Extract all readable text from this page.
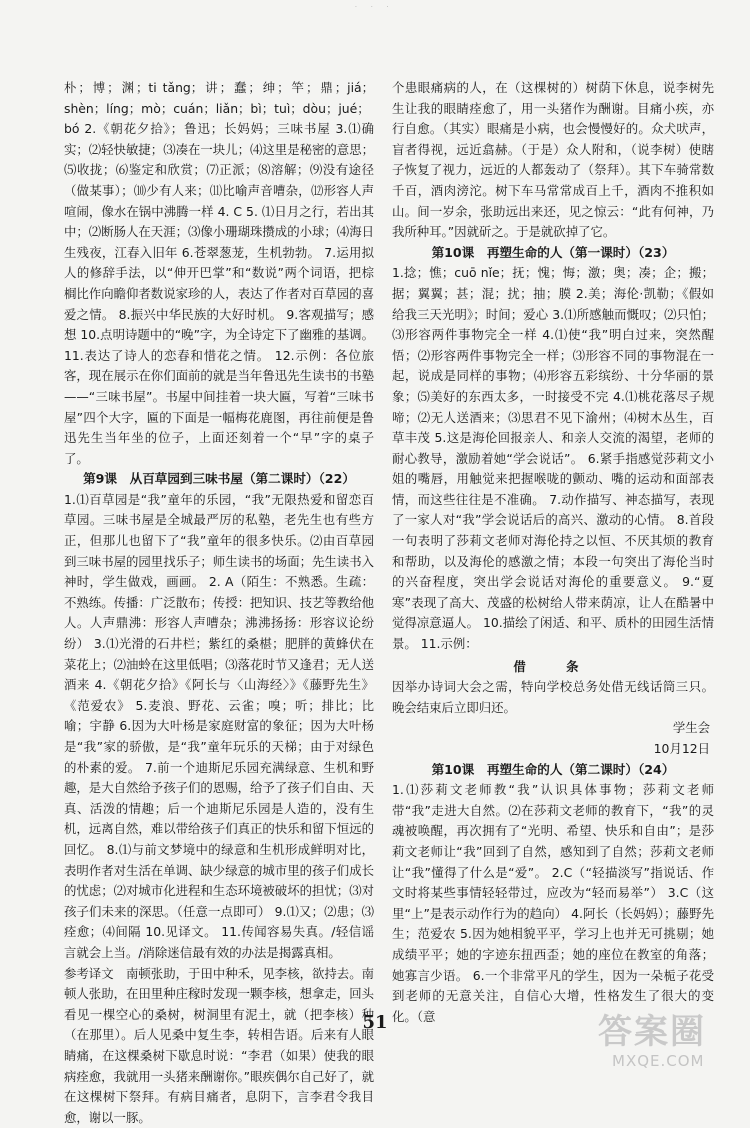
· · ·

朴；博；渊；ti tǎng；讲；蠢；绅；竿；鼎；jiá；shèn；líng；mò；cuán；liǎn；bì；tuì；dòu；jué；bó 2.《朝花夕拾》；鲁迅；长妈妈；三味书屋 3.⑴确实；⑵轻快敏捷；⑶凑在一块儿；⑷这里是秘密的意思；⑸收拢；⑹鉴定和欣赏；⑺正派；⑻溶解；⑼没有途径（做某事）；⑽少有人来；⑾比喻声音嘈杂，⑿形容人声喧闹，像水在锅中沸腾一样 4. C 5. ⑴日月之行，若出其中；⑵断肠人在天涯；⑶像小珊瑚珠攒成的小球；⑷海日生残夜，江春入旧年 6.苍翠葱茏，生机勃勃。 7.运用拟人的修辞手法，以“伸开巴掌”和“数说”两个词语，把棕榈比作向瞻仰者数说家珍的人，表达了作者对百草园的喜爱之情。 8.振兴中华民族的大好时机。 9.客观描写；感想 10.点明诗题中的“晚”字，为全诗定下了幽雅的基调。 11.表达了诗人的恋春和惜花之情。 12.示例：各位旅客，现在展示在你们面前的就是当年鲁迅先生读书的书塾——“三味书屋”。书屋中间挂着一块大匾，写着“三味书屋”四个大字，匾的下面是一幅梅花鹿图，再往前便是鲁迅先生当年坐的位子，上面还刻着一个“早”字的桌子了。

第9课　从百草园到三味书屋（第二课时）（22）

1.⑴百草园是“我”童年的乐园，“我”无限热爱和留恋百草园。三味书屋是全城最严厉的私塾，老先生也有些方正，但那儿也留下了“我”童年的很多快乐。⑵由百草园到三味书屋的园里找乐子；师生读书的场面；先生读书入神时，学生做戏，画画。 2. A（陌生：不熟悉。生疏：不熟练。传播：广泛散布；传授：把知识、技艺等教给他人。人声鼎沸：形容人声嘈杂；沸沸扬扬：形容议论纷纷） 3.⑴光滑的石井栏；紫红的桑椹；肥胖的黄蜂伏在菜花上；⑵油蛉在这里低唱；⑶落花时节又逢君；无人送酒来 4.《朝花夕拾》《阿长与〈山海经〉》《藤野先生》《范爱农》 5.麦浪、野花、云雀；嗅；听；排比；比喻；宇静 6.因为大叶杨是家庭财富的象征；因为大叶杨是“我”家的骄傲，是“我”童年玩乐的天梯；由于对绿色的朴素的爱。 7.前一个迪斯尼乐园充满绿意、生机和野趣，是大自然给予孩子们的恩赐，给予了孩子们自由、天真、活泼的情趣；后一个迪斯尼乐园是人造的，没有生机，远离自然，难以带给孩子们真正的快乐和留下恒远的回忆。 8.⑴与前文梦境中的绿意和生机形成鲜明对比，表明作者对生活在单调、缺少绿意的城市里的孩子们成长的忧虑；⑵对城市化进程和生态环境被破坏的担忧；⑶对孩子们未来的深思。（任意一点即可） 9.⑴又；⑵患；⑶痊愈；⑷间隔 10.见译文。 11.传闻容易失真。/轻信谣言就会上当。/消除迷信最有效的办法是揭露真相。

参考译文　南顿张助，于田中种禾，见李核，欲持去。南顿人张助，在田里种庄稼时发现一颗李核，想拿走，回头看见一棵空心的桑树，树洞里有泥土，就（把李核）种（在那里）。后人见桑中复生李，转相告语。后来有人眼睛痛，在这棵桑树下歇息时说：“李君（如果）使我的眼病痊愈，我就用一头猪来酬谢你。”眼疾偶尔自己好了，就在这棵树下祭拜。有病目痛者，息阴下，言李君令我目愈，谢以一豚。

个患眼痛病的人，在（这棵树的）树荫下休息，说李树先生让我的眼睛痊愈了，用一头猪作为酬谢。目痛小疾，亦行自愈。（其实）眼痛是小病，也会慢慢好的。众犬吠声，盲者得视，远近翕赫。（于是）众人附和，（说李树）使瞎子恢复了视力，远近的人都轰动了（祭拜）。其下车骑常数千百，酒肉滂沱。树下车马常常成百上千，酒肉不推积如山。间一岁余，张助远出来还，见之惊云：“此有何神，乃我所种耳。”因就斫之。于是就砍掉了它。

第10课　再塑生命的人（第一课时）（23）

1.捻；憔；cuō nǐe；抚；愧；悔；激；奥；凑；企；搬；据；翼翼；甚；混；扰；抽；膜 2.美；海伦·凯勒；《假如给我三天光明》；时间；爱心 3.⑴所感触而慨叹；⑵只怕；⑶形容两件事物完全一样 4.⑴使“我”明白过来，突然醒悟；⑵形容两件事物完全一样；⑶形容不同的事物混在一起，说成是同样的事物；⑷形容五彩缤纷、十分华丽的景象；⑸美好的东西太多，一时接受不完 4.⑴桃花落尽子规啼；⑵无人送酒来；⑶思君不见下渝州；⑷树木丛生，百草丰茂 5.这是海伦回报亲人、和亲人交流的渴望，老师的耐心教导，激励着她“学会说话”。 6.紧手指感觉莎莉文小姐的嘴唇，用触觉来把握喉咙的颤动、嘴的运动和面部表情，而这些往往是不准确。 7.动作描写、神态描写，表现了一家人对“我”学会说话后的高兴、激动的心情。 8.首段一句表明了莎莉文老师对海伦持之以恒、不厌其烦的教育和帮助，以及海伦的感激之情；本段一句突出了海伦当时的兴奋程度，突出学会说话对海伦的重要意义。 9.“夏寒”表现了高大、茂盛的松树给人带来荫凉，让人在酷暑中觉得凉意逼人。 10.描绘了闲适、和平、质朴的田园生活情景。 11.示例：

借　条

因举办诗词大会之需，特向学校总务处借无线话筒三只。晚会结束后立即归还。

学生会

10月12日

第10课　再塑生命的人（第二课时）（24）

1.⑴莎莉文老师教“我”认识具体事物；莎莉文老师带“我”走进大自然。⑵在莎莉文老师的教育下，“我”的灵魂被唤醒，再次拥有了“光明、希望、快乐和自由”；是莎莉文老师让“我”回到了自然，感知到了自然；莎莉文老师让“我”懂得了什么是“爱”。 2.C（“轻描淡写”指说话、作文时将某些事情轻轻带过，应改为“轻而易举”） 3.C（这里“上”是表示动作行为的趋向） 4.阿长（长妈妈）；藤野先生；范爱农 5.因为她相貌平平，学习上也并无可挑剔；她成绩平平；她的字迹东扭西歪；她的座位在教室的角落；她寡言少语。 6.一个非常平凡的学生，因为一朵栀子花受到老师的无意关注，自信心大增，性格发生了很大的变化。（意

51	答案圈
MXQE.COM
